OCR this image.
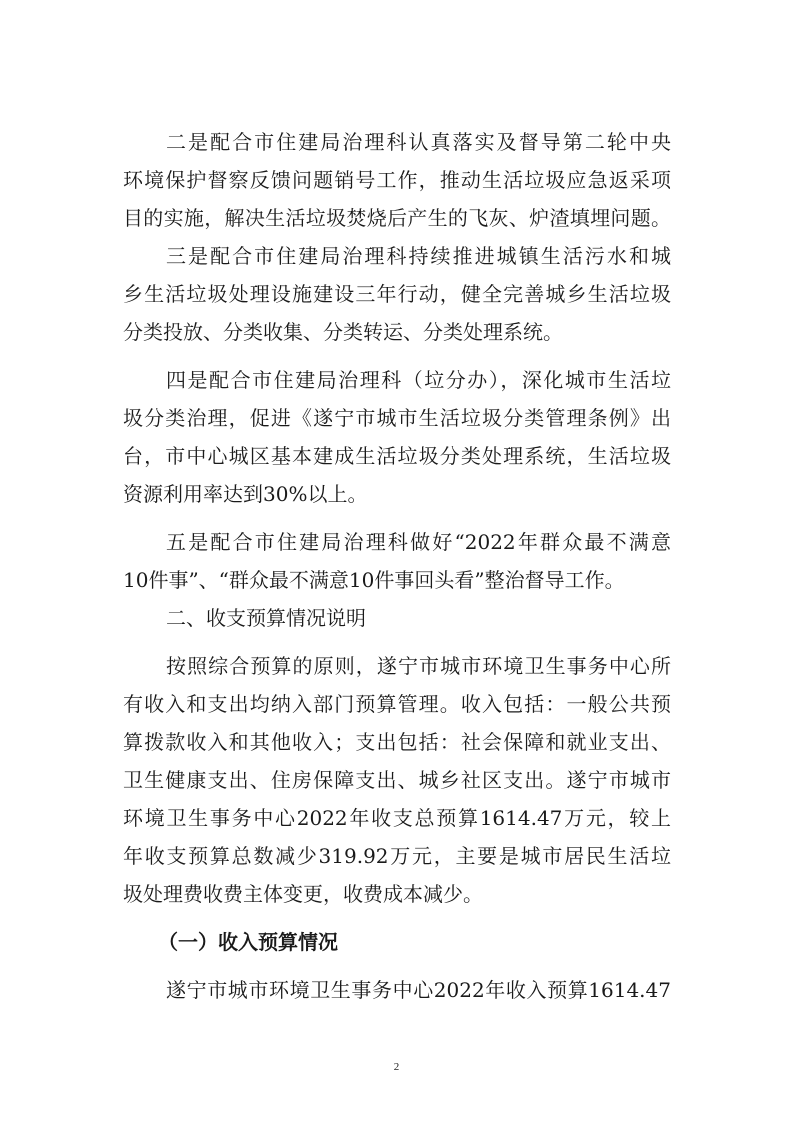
二是配合市住建局治理科认真落实及督导第二轮中央
环境保护督察反馈问题销号工作，推动生活垃圾应急返采项
目的实施，解决生活垃圾焚烧后产生的飞灰、炉渣填埋问题。
三是配合市住建局治理科持续推进城镇生活污水和城
乡生活垃圾处理设施建设三年行动，健全完善城乡生活垃圾
分类投放、分类收集、分类转运、分类处理系统。
四是配合市住建局治理科（垃分办），深化城市生活垃
圾分类治理，促进《遂宁市城市生活垃圾分类管理条例》出
台，市中心城区基本建成生活垃圾分类处理系统，生活垃圾
资源利用率达到30%以上。
五是配合市住建局治理科做好“2022年群众最不满意
10件事”、“群众最不满意10件事回头看”整治督导工作。
二、收支预算情况说明
按照综合预算的原则，遂宁市城市环境卫生事务中心所
有收入和支出均纳入部门预算管理。收入包括：一般公共预
算拨款收入和其他收入；支出包括：社会保障和就业支出、
卫生健康支出、住房保障支出、城乡社区支出。遂宁市城市
环境卫生事务中心2022年收支总预算1614.47万元，较上
年收支预算总数减少319.92万元，主要是城市居民生活垃
圾处理费收费主体变更，收费成本减少。
（一）收入预算情况
遂宁市城市环境卫生事务中心2022年收入预算1614.47
2
